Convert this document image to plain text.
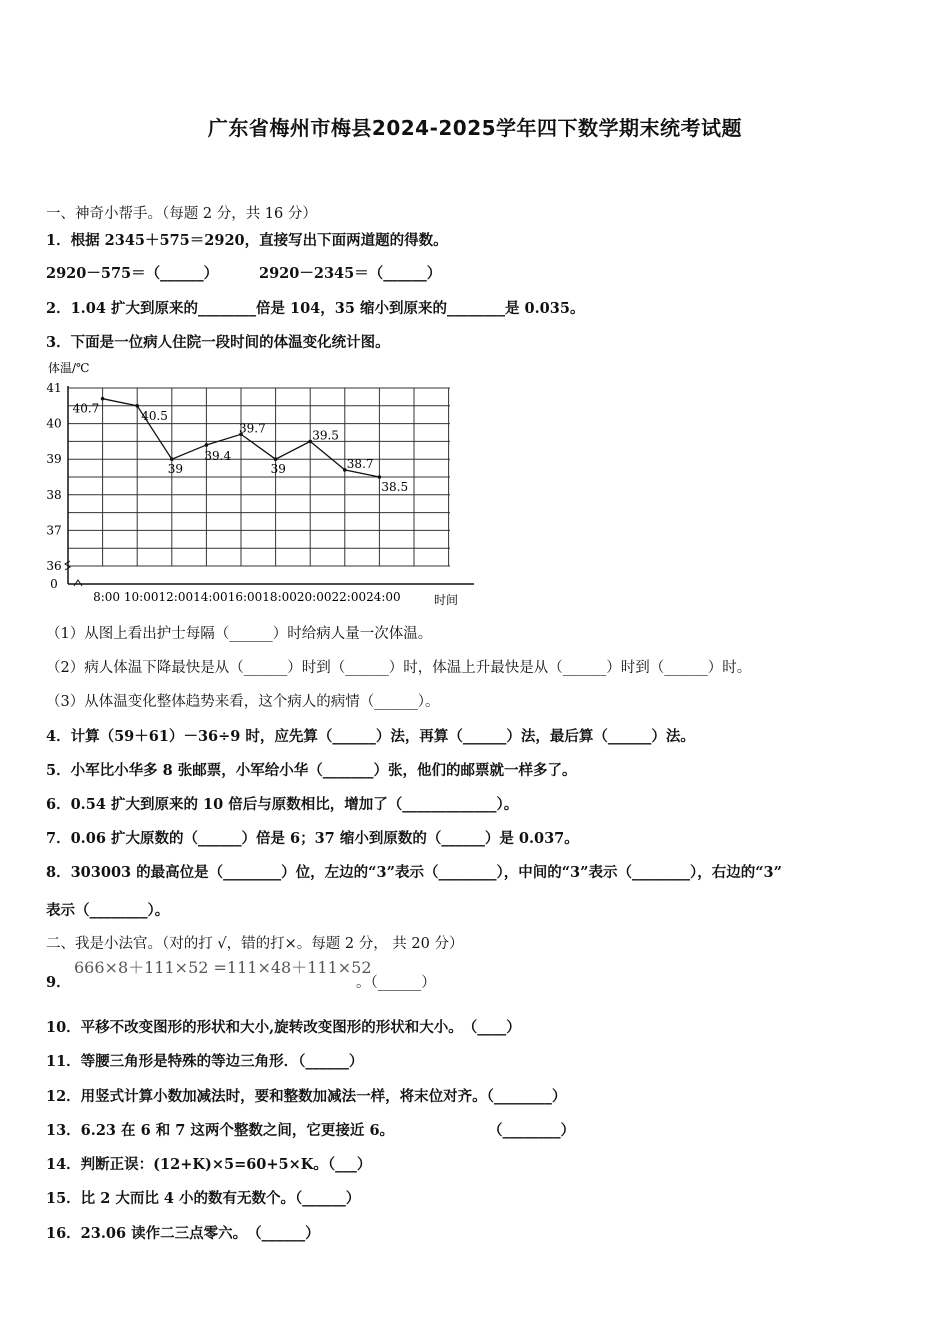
广东省梅州市梅县2024-2025学年四下数学期末统考试题
一、神奇小帮手。（每题 2 分，共 16 分）
1．根据 2345＋575＝2920，直接写出下面两道题的得数。
2920－575＝（______）	2920－2345＝（______）
2．1.04 扩大到原来的________倍是 104，35 缩小到原来的________是 0.035。
3．下面是一位病人住院一段时间的体温变化统计图。
41
40
39
38
37
36
0
8:00 10:00 12:00 14:00 16:00 18:00 20:00 22:00 24:00
40.7
40.5
39
39.4
39.7
39
39.5
38.7
38.5
体温/℃
时间
（1）从图上看出护士每隔（______）时给病人量一次体温。
（2）病人体温下降最快是从（______）时到（______）时，体温上升最快是从（______）时到（______）时。
（3）从体温变化整体趋势来看，这个病人的病情（______）。
4．计算（59＋61）－36÷9 时，应先算（______）法，再算（______）法，最后算（______）法。
5．小军比小华多 8 张邮票，小军给小华（_______）张，他们的邮票就一样多了。
6．0.54 扩大到原来的 10 倍后与原数相比，增加了（_____________）。
7．0.06 扩大原数的（______）倍是 6；37 缩小到原数的（______）是 0.037。
8．303003 的最高位是（________）位，左边的“3”表示（________），中间的“3”表示（________），右边的“3”
表示（________）。
二、我是小法官。（对的打 √，错的打×。每题 2 分， 共 20 分）
9．
666×8＋111×52 =111×48＋111×52
。（______）
10．平移不改变图形的形状和大小,旋转改变图形的形状和大小。　（____）
11．等腰三角形是特殊的等边三角形．（______）
12．用竖式计算小数加减法时，要和整数加减法一样，将末位对齐。（________）
13．6.23 在 6 和 7 这两个整数之间，它更接近 6。	（________）
14．判断正误：(12+K)×5=60+5×K。（___）
15．比 2 大而比 4 小的数有无数个。（______）
16．23.06 读作二三点零六。　（______）
